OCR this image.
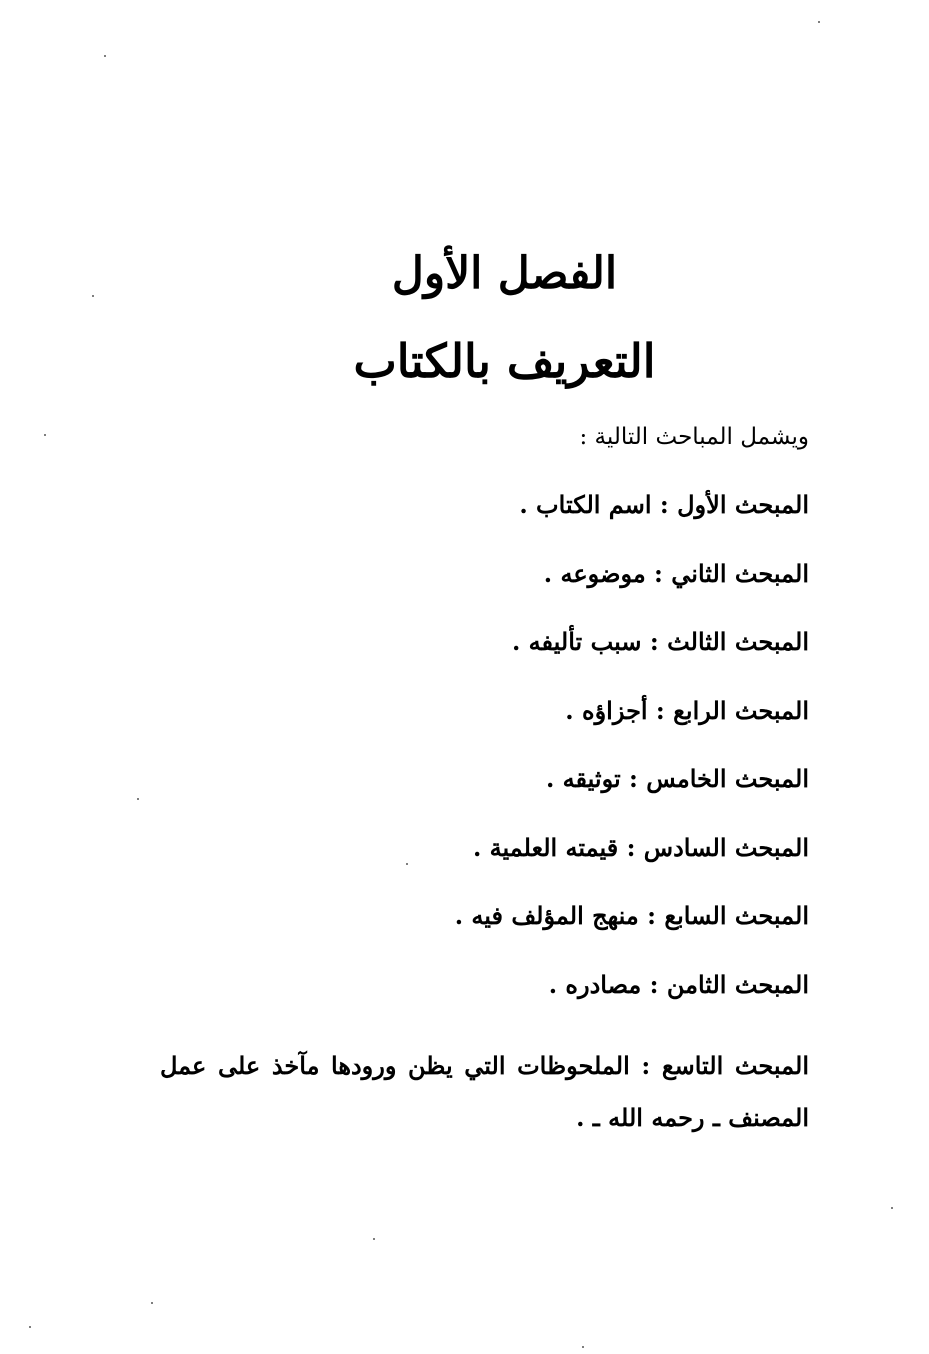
الفصل الأول
التعريف بالكتاب
ويشمل المباحث التالية :
المبحث الأول : اسم الكتاب .
المبحث الثاني : موضوعه .
المبحث الثالث : سبب تأليفه .
المبحث الرابع : أجزاؤه .
المبحث الخامس : توثيقه .
المبحث السادس : قيمته العلمية .
المبحث السابع : منهج المؤلف فيه .
المبحث الثامن : مصادره .
المبحث التاسع : الملحوظات التي يظن ورودها مآخذ على عمل المصنف ـ رحمه الله ـ .
